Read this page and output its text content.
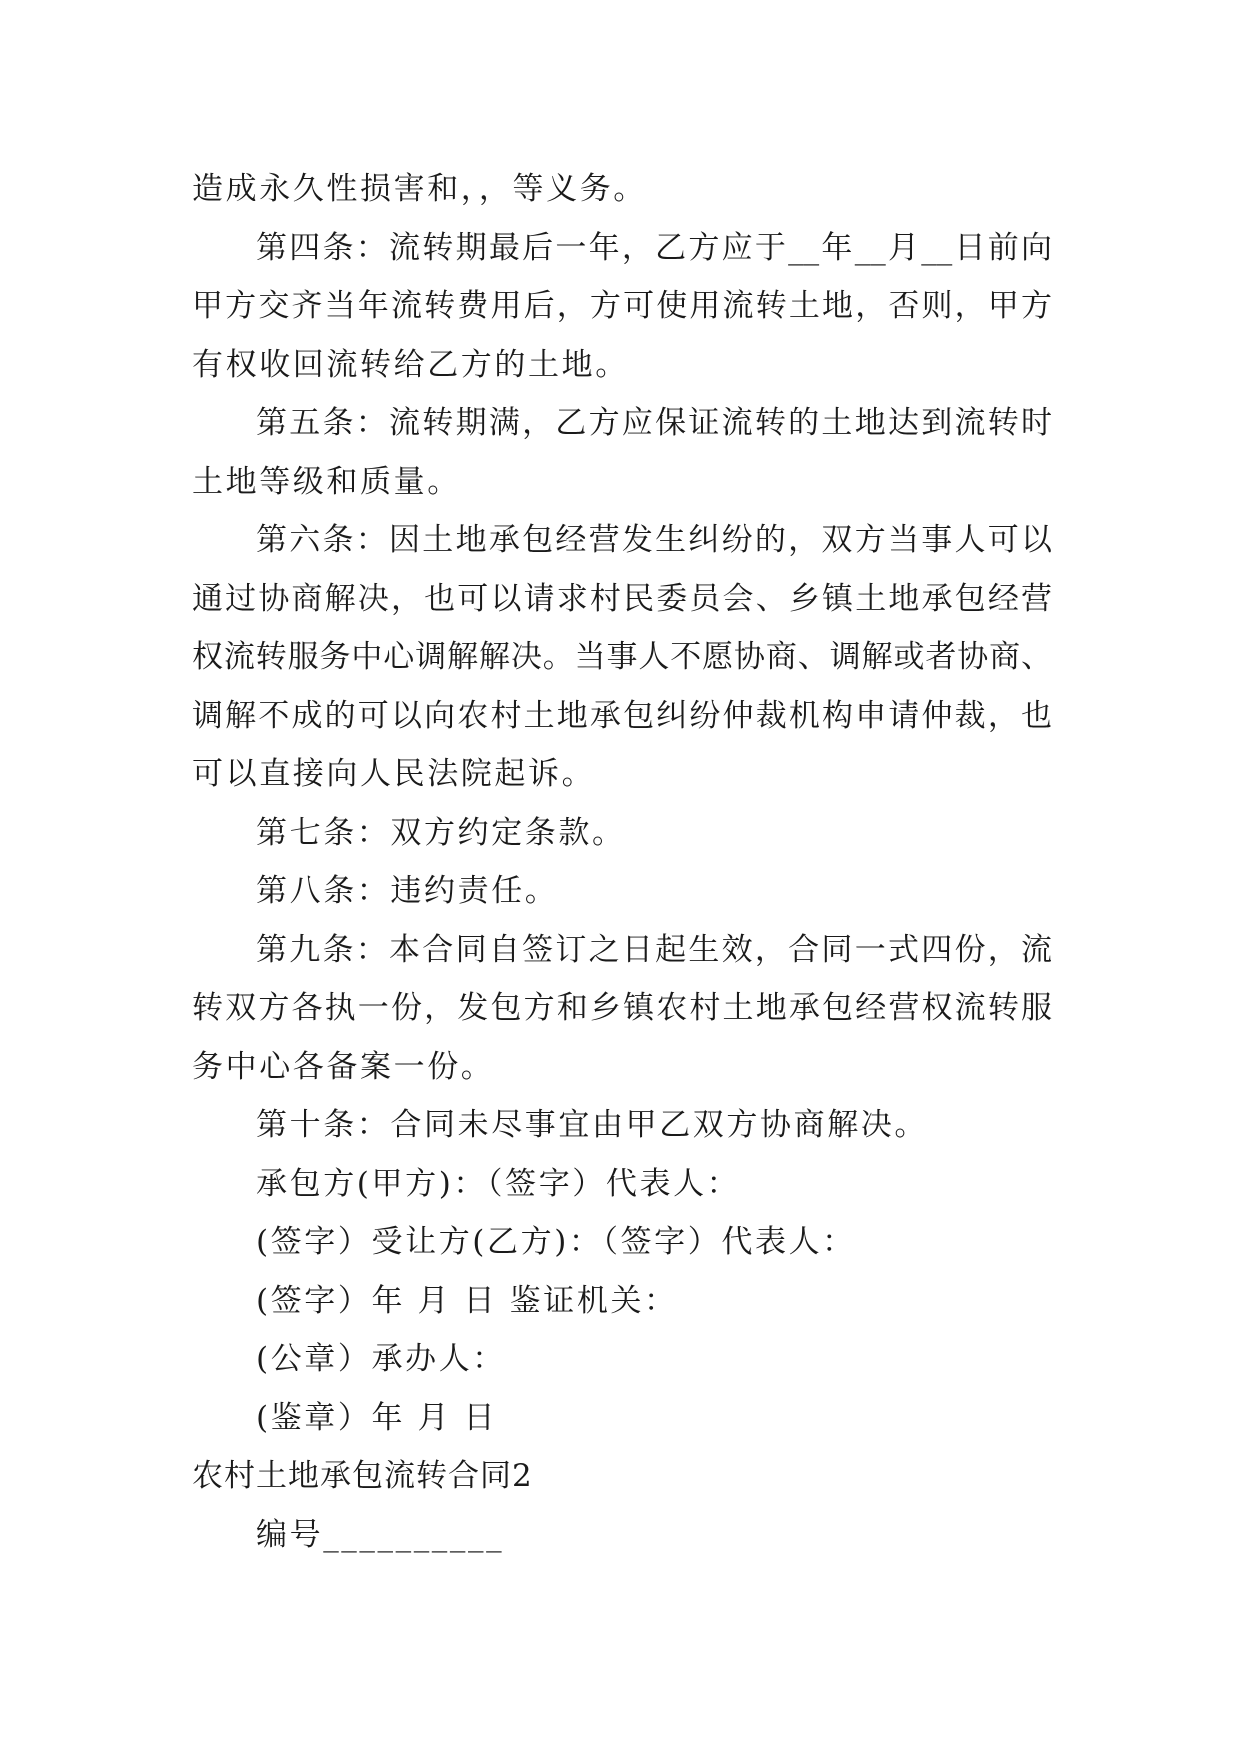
造成永久性损害和，，等义务。
第四条：流转期最后一年，乙方应于__年__月__日前向
甲方交齐当年流转费用后，方可使用流转土地，否则，甲方
有权收回流转给乙方的土地。
第五条：流转期满，乙方应保证流转的土地达到流转时
土地等级和质量。
第六条：因土地承包经营发生纠纷的，双方当事人可以
通过协商解决，也可以请求村民委员会、乡镇土地承包经营
权流转服务中心调解解决。当事人不愿协商、调解或者协商、
调解不成的可以向农村土地承包纠纷仲裁机构申请仲裁，也
可以直接向人民法院起诉。
第七条：双方约定条款。
第八条：违约责任。
第九条：本合同自签订之日起生效，合同一式四份，流
转双方各执一份，发包方和乡镇农村土地承包经营权流转服
务中心各备案一份。
第十条：合同未尽事宜由甲乙双方协商解决。
承包方(甲方)：（签字）代表人：
(签字）受让方(乙方)：（签字）代表人：
(签字）年 月 日 鉴证机关：
(公章）承办人：
(鉴章）年 月 日
农村土地承包流转合同2
编号__________
